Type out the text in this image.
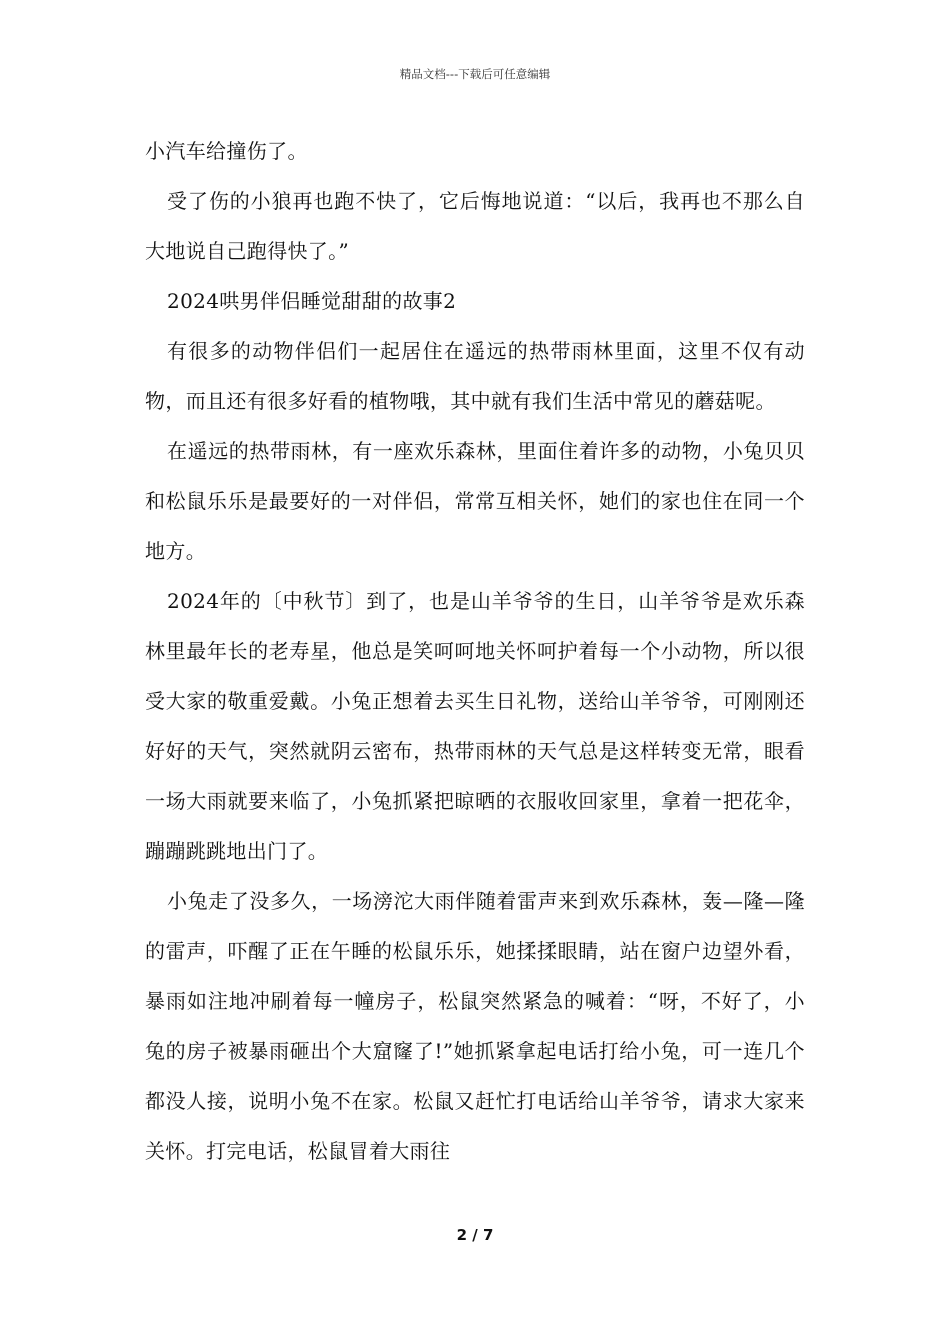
精品文档---下载后可任意编辑

小汽车给撞伤了。

受了伤的小狼再也跑不快了，它后悔地说道：“以后，我再也不那么自大地说自己跑得快了。”

2024哄男伴侣睡觉甜甜的故事2

有很多的动物伴侣们一起居住在遥远的热带雨林里面，这里不仅有动物，而且还有很多好看的植物哦，其中就有我们生活中常见的蘑菇呢。

在遥远的热带雨林，有一座欢乐森林，里面住着许多的动物，小兔贝贝和松鼠乐乐是最要好的一对伴侣，常常互相关怀，她们的家也住在同一个地方。

2024年的〔中秋节〕到了，也是山羊爷爷的生日，山羊爷爷是欢乐森林里最年长的老寿星，他总是笑呵呵地关怀呵护着每一个小动物，所以很受大家的敬重爱戴。小兔正想着去买生日礼物，送给山羊爷爷，可刚刚还好好的天气，突然就阴云密布，热带雨林的天气总是这样转变无常，眼看一场大雨就要来临了，小兔抓紧把晾晒的衣服收回家里，拿着一把花伞，蹦蹦跳跳地出门了。

小兔走了没多久，一场滂沱大雨伴随着雷声来到欢乐森林，轰—隆—隆的雷声，吓醒了正在午睡的松鼠乐乐，她揉揉眼睛，站在窗户边望外看，暴雨如注地冲刷着每一幢房子，松鼠突然紧急的喊着：“呀，不好了，小兔的房子被暴雨砸出个大窟窿了!”她抓紧拿起电话打给小兔，可一连几个都没人接，说明小兔不在家。松鼠又赶忙打电话给山羊爷爷，请求大家来关怀。打完电话，松鼠冒着大雨往

2 / 7
